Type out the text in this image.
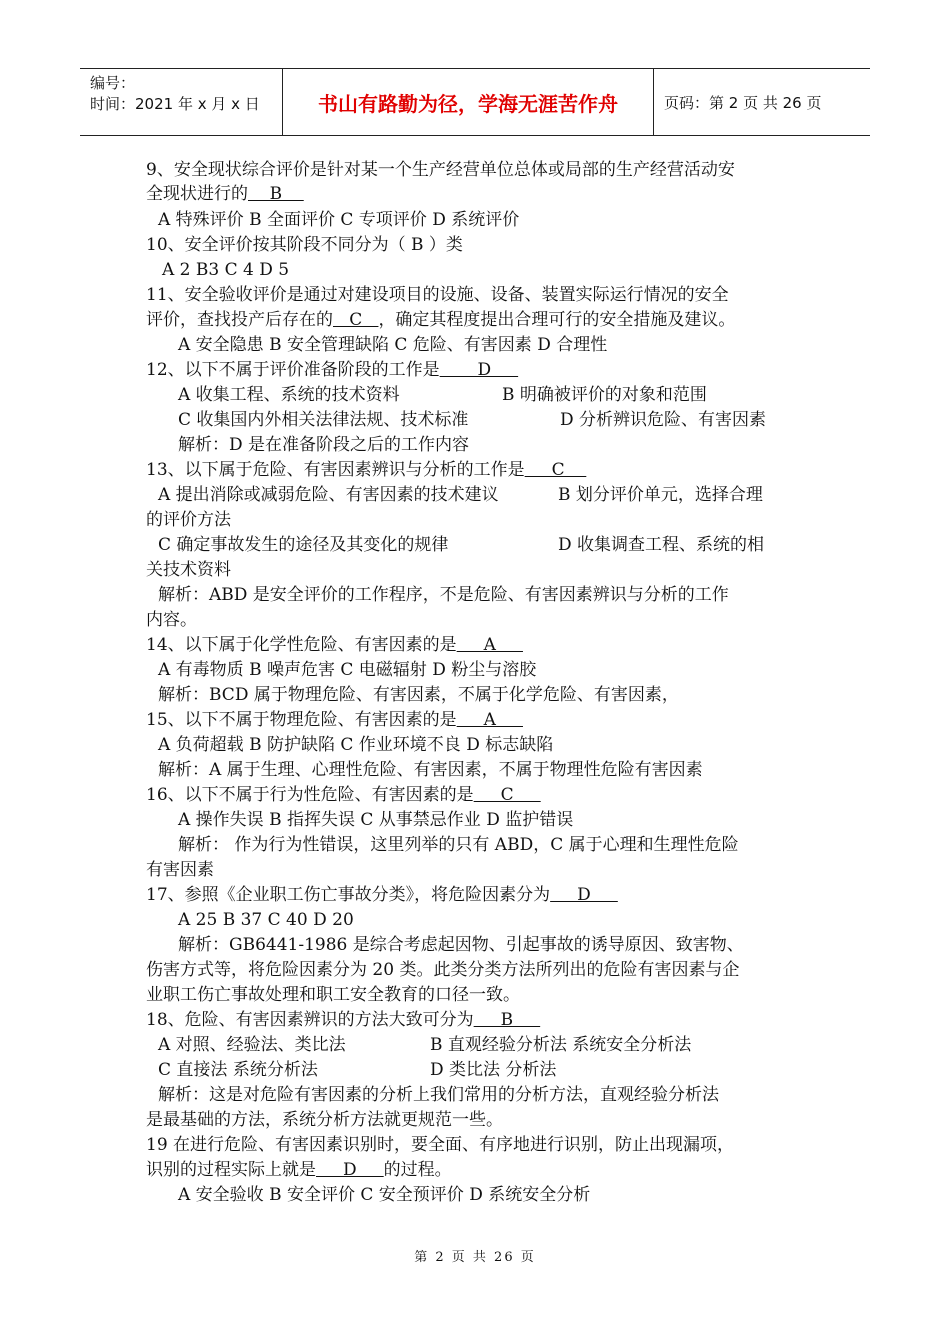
编号：
时间：2021 年 x 月 x 日	书山有路勤为径，学海无涯苦作舟	页码：第 2 页 共 26 页
9、安全现状综合评价是针对某一个生产经营单位总体或局部的生产经营活动安
全现状进行的    B
A 特殊评价 B 全面评价 C 专项评价 D 系统评价
10、安全评价按其阶段不同分为（ B ）类
A 2 B3 C 4 D 5
11、安全验收评价是通过对建设项目的设施、设备、装置实际运行情况的安全
评价，查找投产后存在的   C   ，确定其程度提出合理可行的安全措施及建议。
A 安全隐患 B 安全管理缺陷 C 危险、有害因素 D 合理性
12、以下不属于评价准备阶段的工作是       D
A 收集工程、系统的技术资料	B 明确被评价的对象和范围
C 收集国内外相关法律法规、技术标准	D 分析辨识危险、有害因素
解析：D 是在准备阶段之后的工作内容
13、以下属于危险、有害因素辨识与分析的工作是     C
A 提出消除或减弱危险、有害因素的技术建议	B 划分评价单元，选择合理
的评价方法
C 确定事故发生的途径及其变化的规律	D 收集调查工程、系统的相
关技术资料
解析：ABD 是安全评价的工作程序，不是危险、有害因素辨识与分析的工作
内容。
14、以下属于化学性危险、有害因素的是     A
A 有毒物质 B 噪声危害 C 电磁辐射 D 粉尘与溶胶
解析：BCD 属于物理危险、有害因素，不属于化学危险、有害因素，
15、以下不属于物理危险、有害因素的是     A
A 负荷超载 B 防护缺陷 C 作业环境不良 D 标志缺陷
解析：A 属于生理、心理性危险、有害因素，不属于物理性危险有害因素
16、以下不属于行为性危险、有害因素的是     C
A 操作失误 B 指挥失误 C 从事禁忌作业 D 监护错误
解析： 作为行为性错误，这里列举的只有 ABD，C 属于心理和生理性危险
有害因素
17、参照《企业职工伤亡事故分类》，将危险因素分为     D
A 25 B 37 C 40 D 20
解析：GB6441-1986 是综合考虑起因物、引起事故的诱导原因、致害物、
伤害方式等，将危险因素分为 20 类。此类分类方法所列出的危险有害因素与企
业职工伤亡事故处理和职工安全教育的口径一致。
18、危险、有害因素辨识的方法大致可分为     B
A 对照、经验法、类比法	B 直观经验分析法 系统安全分析法
C 直接法 系统分析法	D 类比法 分析法
解析：这是对危险有害因素的分析上我们常用的分析方法，直观经验分析法
是最基础的方法，系统分析方法就更规范一些。
19 在进行危险、有害因素识别时，要全面、有序地进行识别，防止出现漏项，
识别的过程实际上就是     D     的过程。
A 安全验收 B 安全评价 C 安全预评价 D 系统安全分析
第 2 页 共 26 页
